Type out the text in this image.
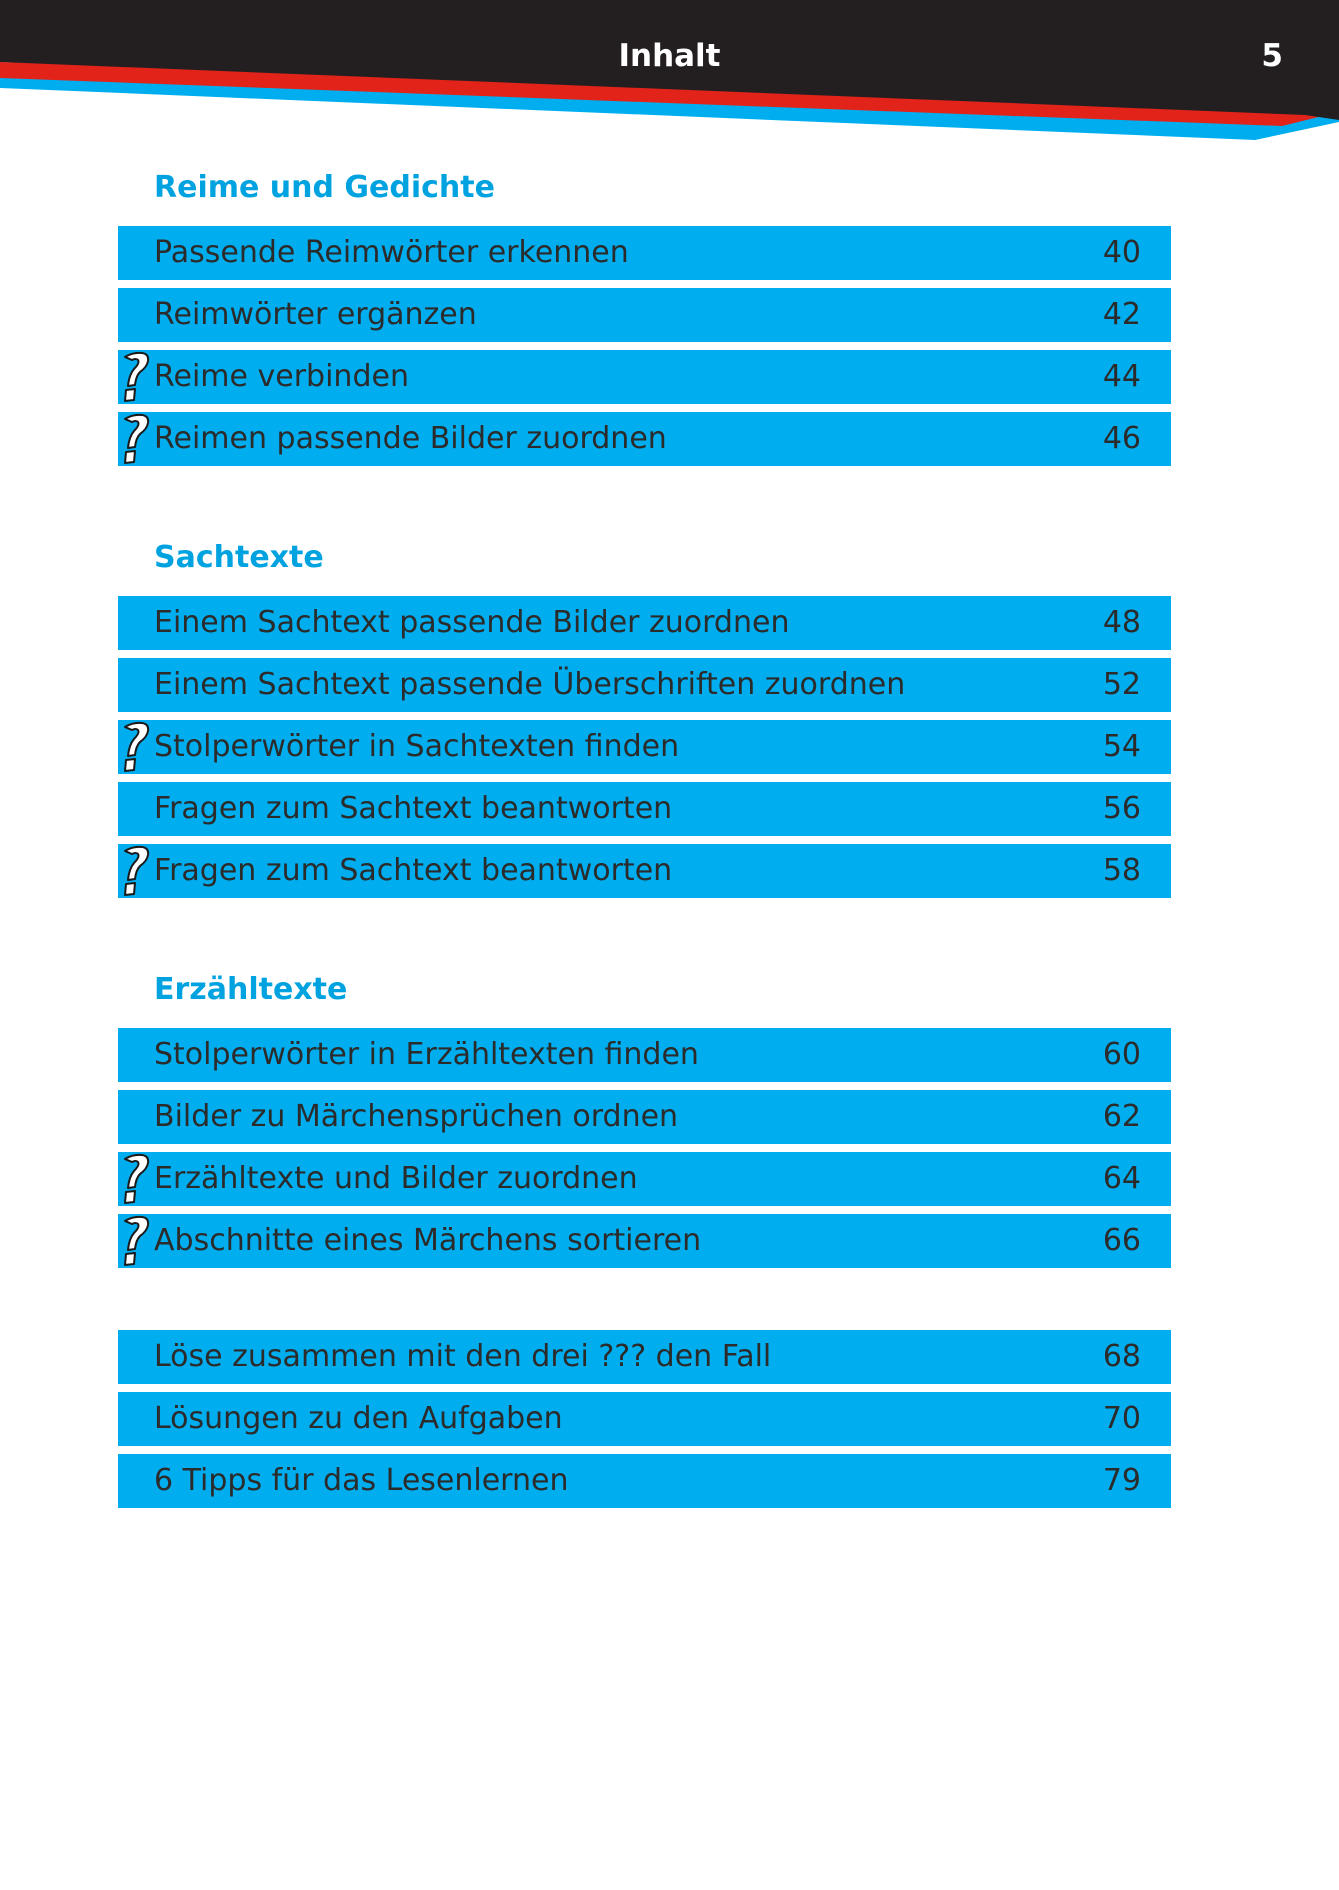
Inhalt	5
Reime und Gedichte
Passende Reimwörter erkennen	40
Reimwörter ergänzen	42
Reime verbinden	44
Reimen passende Bilder zuordnen	46
Sachtexte
Einem Sachtext passende Bilder zuordnen	48
Einem Sachtext passende Überschriften zuordnen	52
Stolperwörter in Sachtexten finden	54
Fragen zum Sachtext beantworten	56
Fragen zum Sachtext beantworten	58
Erzähltexte
Stolperwörter in Erzähltexten finden	60
Bilder zu Märchensprüchen ordnen	62
Erzähltexte und Bilder zuordnen	64
Abschnitte eines Märchens sortieren	66
Löse zusammen mit den drei ??? den Fall	68
Lösungen zu den Aufgaben	70
6 Tipps für das Lesenlernen	79
